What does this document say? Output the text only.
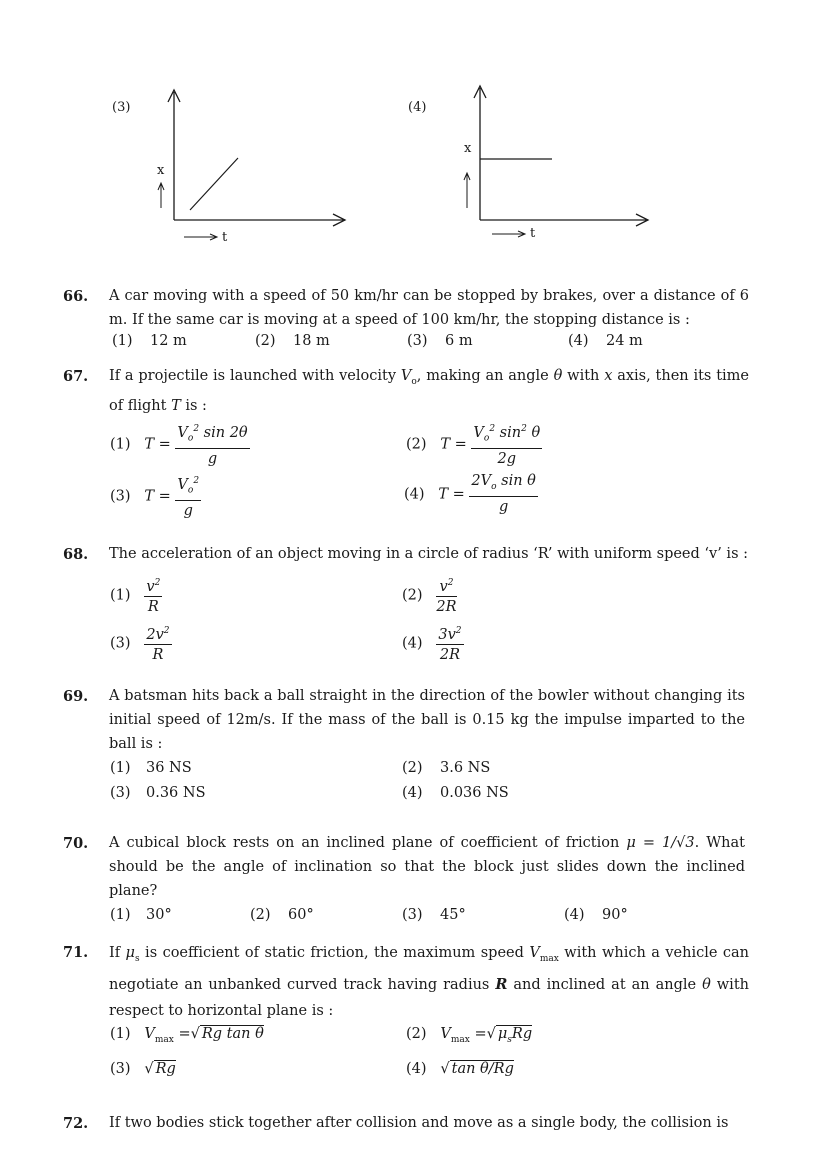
(3)	(4)
x
t
x
t
66. A car moving with a speed of 50 km/hr can be stopped by brakes, over a distance of 6 m. If the same car is moving at a speed of 100 km/hr, the stopping distance is :
(1) 12 m	(2) 18 m	(3) 6 m	(4) 24 m
67. If a projectile is launched with velocity $V_o$, making an angle θ with x axis, then its time of flight T is :
(1) $T = \frac{V_o^2 \sin 2\theta}{g}$	(2) $T = \frac{V_o^2 \sin^2 \theta}{2g}$
(3) $T = \frac{V_o^2}{g}$	(4) $T = \frac{2V_o \sin \theta}{g}$
68. The acceleration of an object moving in a circle of radius ‘R’ with uniform speed ‘v’ is :
$(1) \frac{v^2}{R}$	$(2) \frac{v^2}{2R}$
$(3) \frac{2v^2}{R}$	$(4) \frac{3v^2}{2R}$
69. A batsman hits back a ball straight in the direction of the bowler without changing its initial speed of 12m/s. If the mass of the ball is 0.15 kg the impulse imparted to the ball is :
(1) 36 NS	(2) 3.6 NS
(3) 0.36 NS	(4) 0.036 NS
70. A cubical block rests on an inclined plane of coefficient of friction μ = 1/√3. What should be the angle of inclination so that the block just slides down the inclined plane?
(1) 30°	(2) 60°	(3) 45°	(4) 90°
71. If $\mu_s$ is coefficient of static friction, the maximum speed $V_{max}$ with which a vehicle can negotiate an unbanked curved track having radius R and inclined at an angle θ with respect to horizontal plane is :
(1) $V_{max}$ =√ Rg tan θ	(2) $V_{max}$ =√ $\mu_sRg$
(3)   √ Rg	(4)   √ tan θ/Rg
72. If two bodies stick together after collision and move as a single body, the collision is
